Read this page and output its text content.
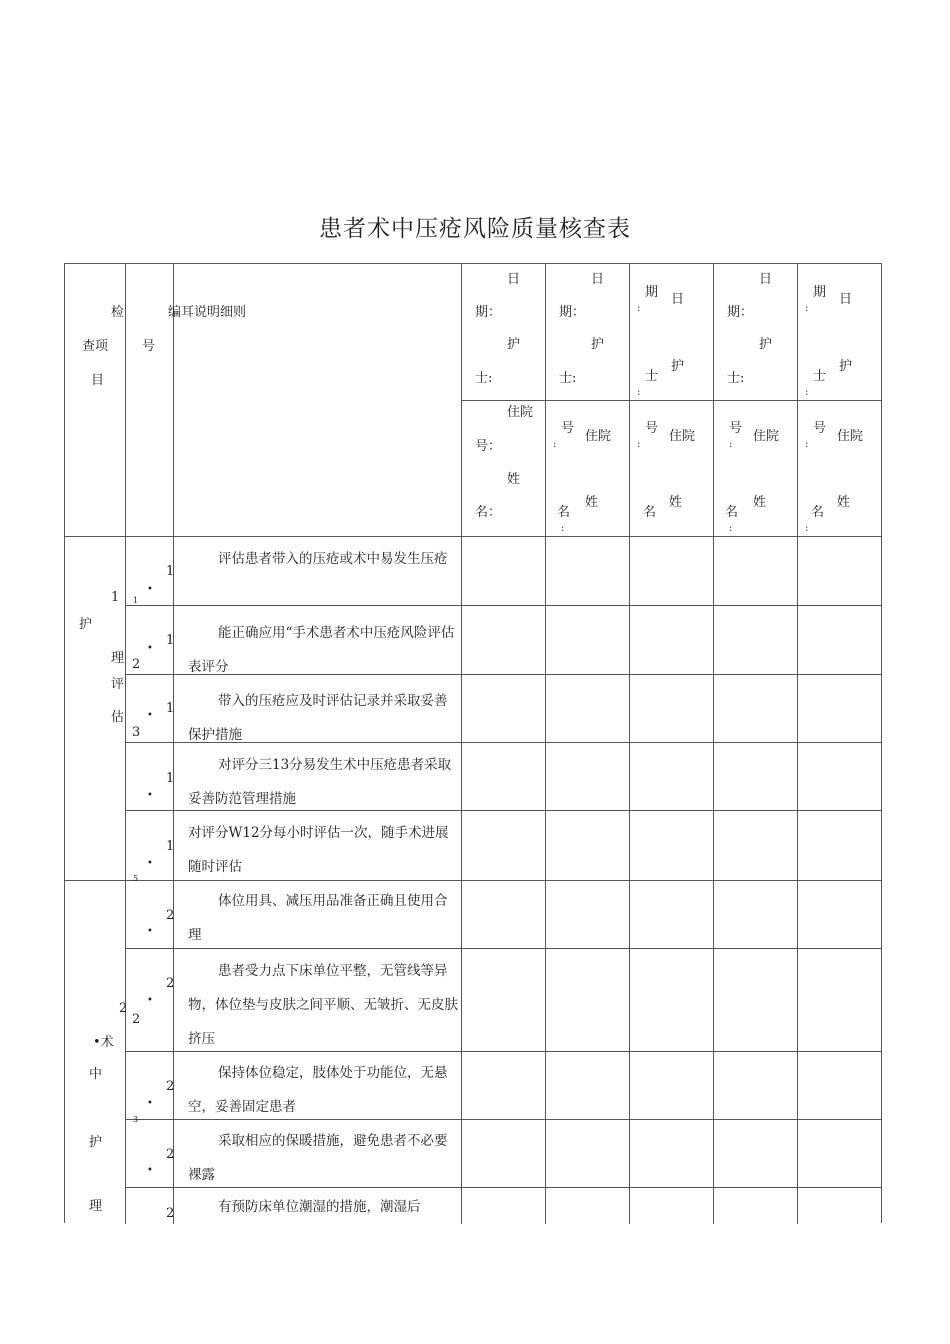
患者术中压疮风险质量核查表
检
查项
目
号
编耳说明细则
日
期：
护
士:
日
期：
护
士:
期
:
日
士
护
:
日
期：
护
士:
期
:
日
士
护
:
住院
号：
姓
名：
号
:
住院
名
姓
:
号
:
住院
名
姓
号
:
住院
名
姓
:
号
:
住院
名
姓
:
1
护
理
评
估
1
•
1
评估患者带入的压疮或术中易发生压疮
1
•
2
能正确应用“手术患者术中压疮风险评估表评分
1
•
3
带入的压疮应及时评估记录并采取妥善保护措施
1
•
对评分三13分易发生术中压疮患者采取妥善防范管理措施
1
•
5
对评分W12分每小时评估一次，随手术进展随时评估
2
•术
中
护
理
2
•
体位用具、减压用品准备正确且使用合理
2
•
2
患者受力点下床单位平整，无管线等异物，体位垫与皮肤之间平顺、无皱折、无皮肤挤压
2
•
3
保持体位稳定，肢体处于功能位，无悬空，妥善固定患者
2
•
采取相应的保暖措施，避免患者不必要裸露
2	有预防床单位潮湿的措施，潮湿后
